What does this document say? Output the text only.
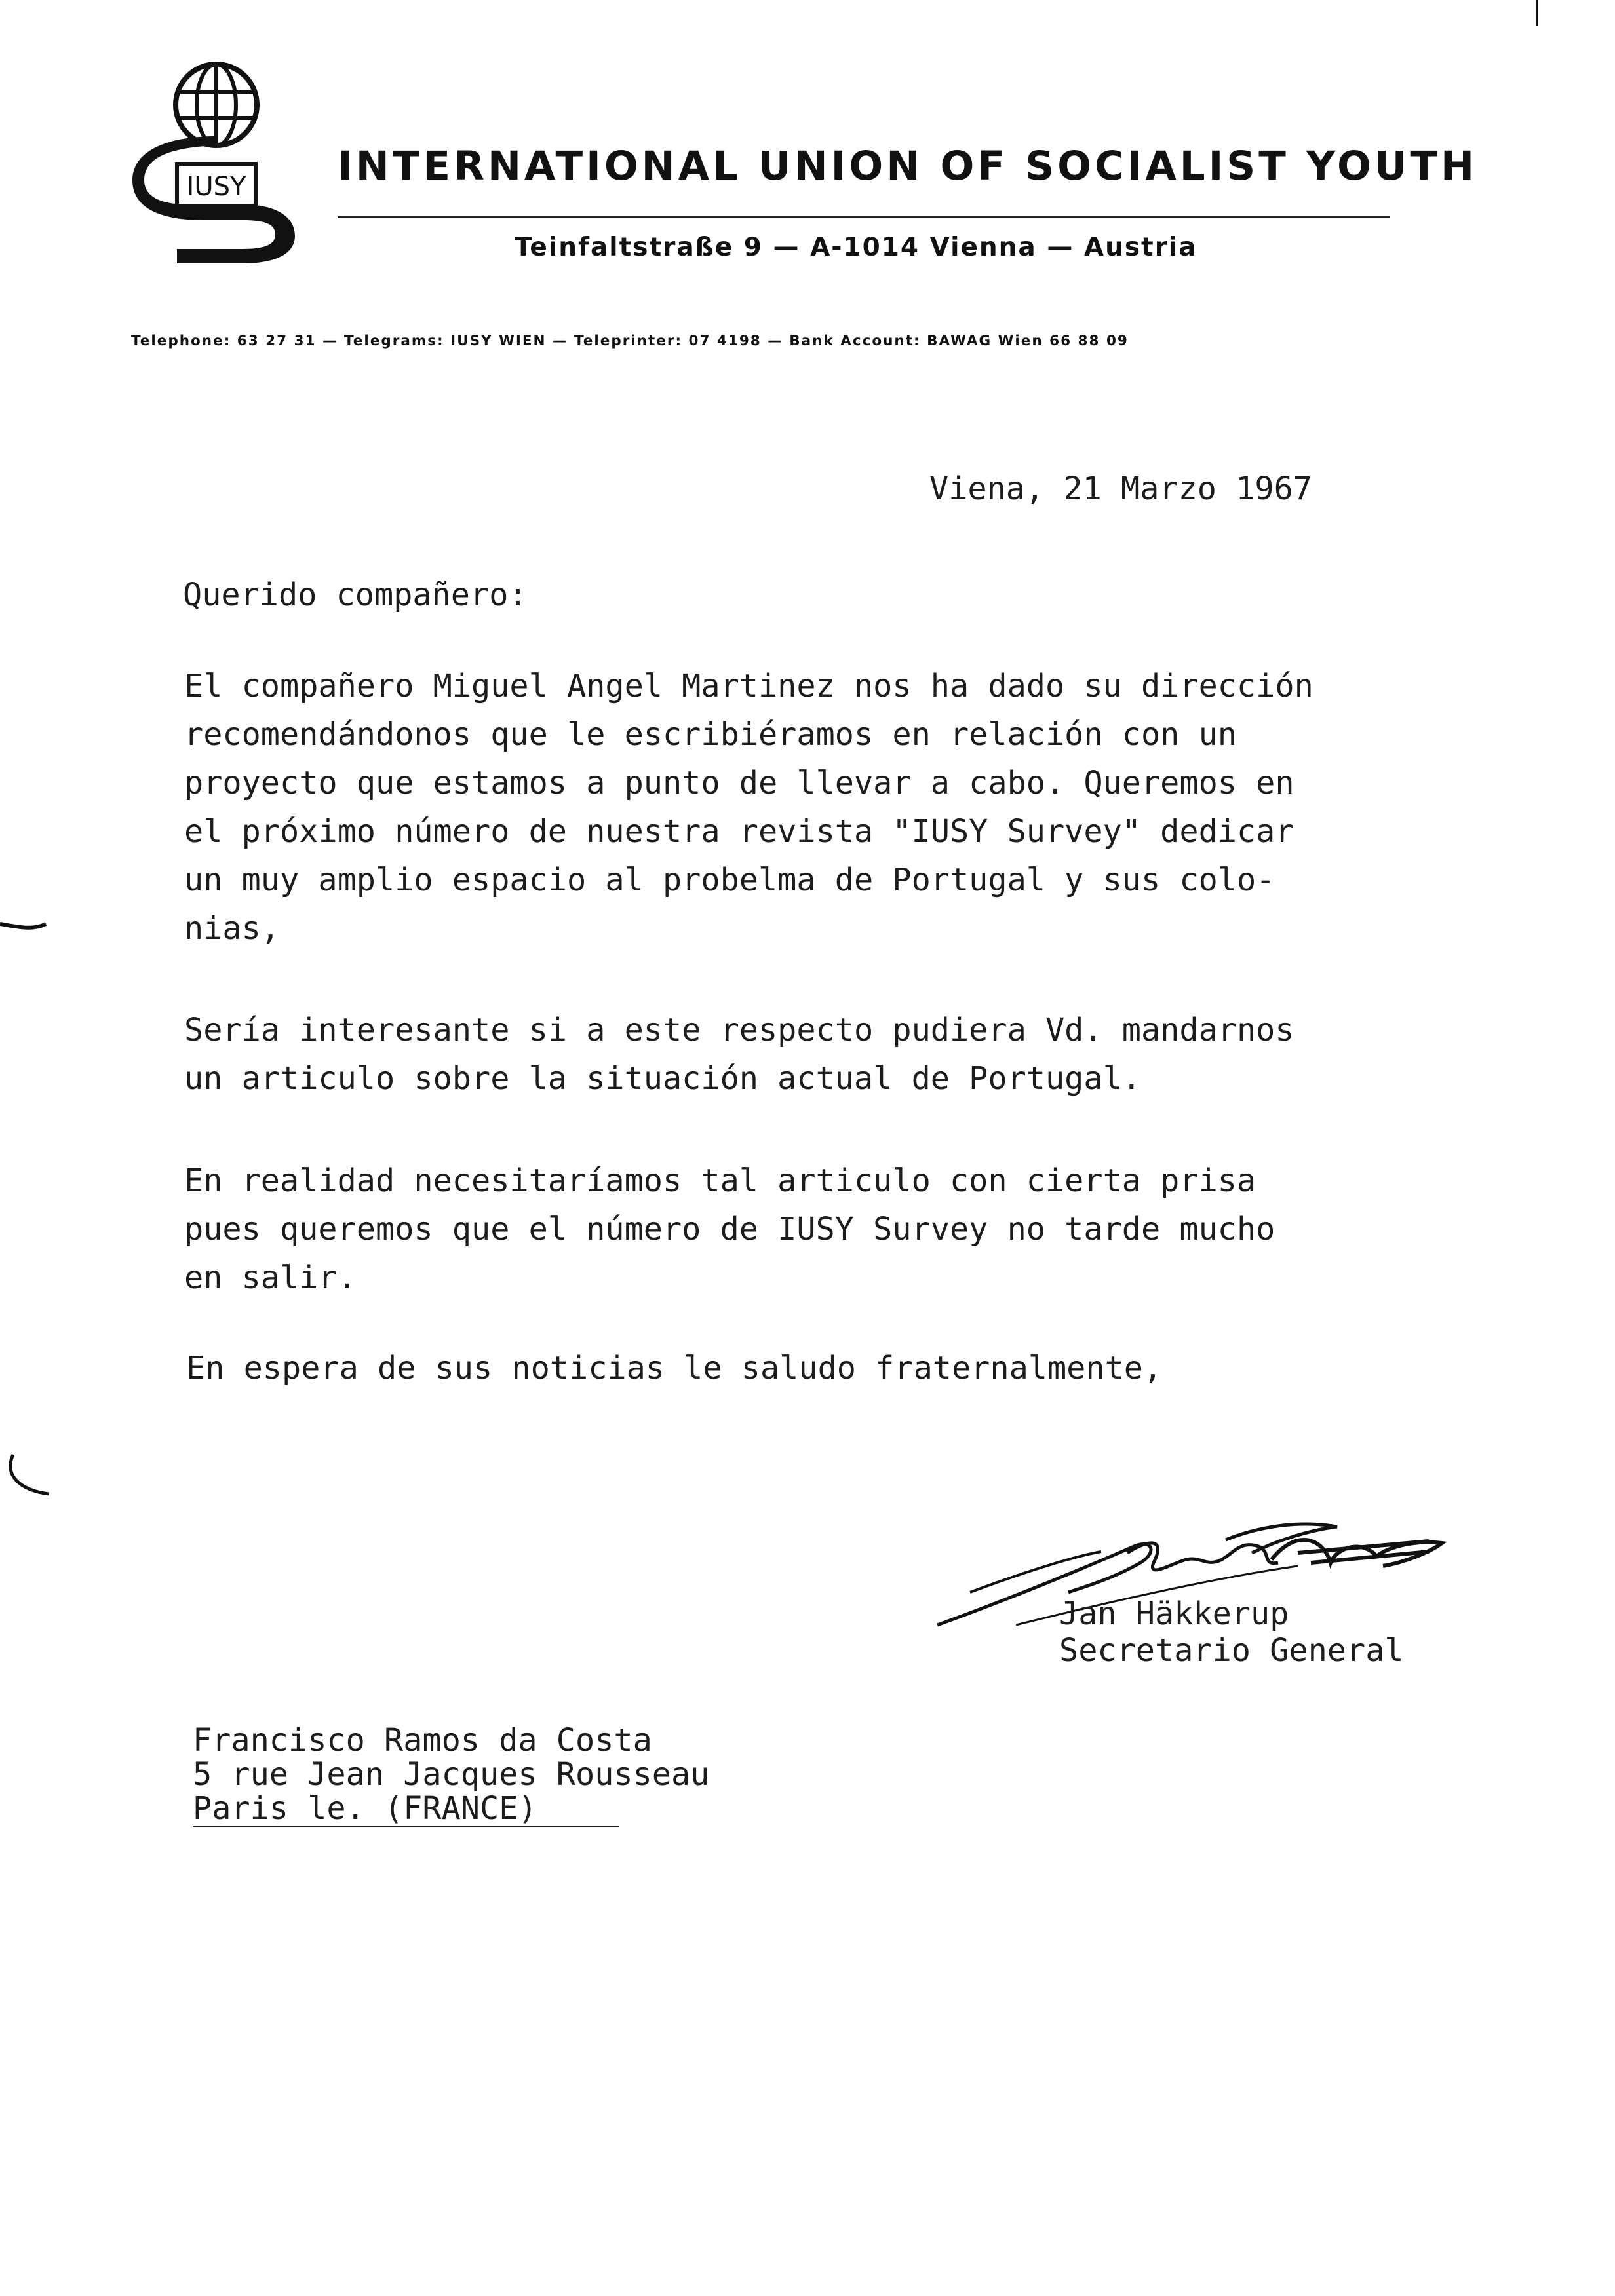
IUSY INTERNATIONAL UNION OF SOCIALIST YOUTH
Teinfaltstraße 9 — A-1014 Vienna — Austria
Telephone: 63 27 31 — Telegrams: IUSY WIEN — Teleprinter: 07 4198 — Bank Account: BAWAG Wien 66 88 09
Viena, 21 Marzo 1967
Querido compañero:
El compañero Miguel Angel Martinez nos ha dado su dirección
recomendándonos que le escribiéramos en relación con un
proyecto que estamos a punto de llevar a cabo. Queremos en
el próximo número de nuestra revista "IUSY Survey" dedicar
un muy amplio espacio al probelma de Portugal y sus colo-
nias,
Sería interesante si a este respecto pudiera Vd. mandarnos
un articulo sobre la situación actual de Portugal.
En realidad necesitaríamos tal articulo con cierta prisa
pues queremos que el número de IUSY Survey no tarde mucho
en salir.
En espera de sus noticias le saludo fraternalmente,
Jan Häkkerup
Secretario General
Francisco Ramos da Costa
5 rue Jean Jacques Rousseau
Paris le. (FRANCE)
